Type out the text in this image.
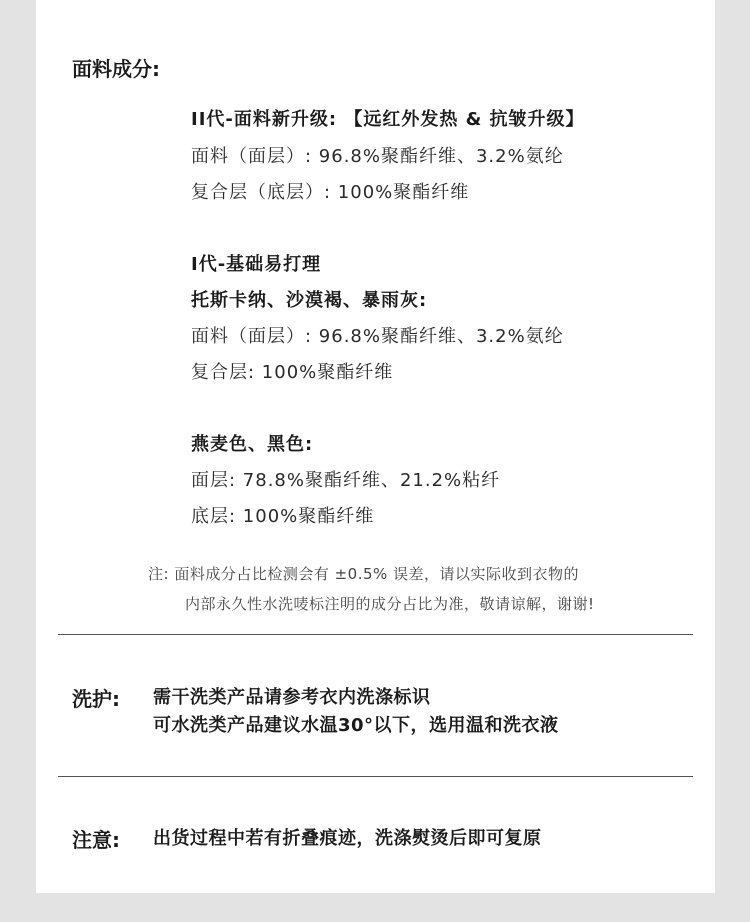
面料成分:
II代-面料新升级: 【远红外发热 & 抗皱升级】
面料（面层）: 96.8%聚酯纤维、3.2%氨纶
复合层（底层）: 100%聚酯纤维
I代-基础易打理
托斯卡纳、沙漠褐、暴雨灰:
面料（面层）: 96.8%聚酯纤维、3.2%氨纶
复合层: 100%聚酯纤维
燕麦色、黑色:
面层: 78.8%聚酯纤维、21.2%粘纤
底层: 100%聚酯纤维
注: 面料成分占比检测会有 ±0.5% 误差，请以实际收到衣物的
内部永久性水洗唛标注明的成分占比为准，敬请谅解，谢谢!
洗护: 需干洗类产品请参考衣内洗涤标识
可水洗类产品建议水温30°以下，选用温和洗衣液
注意: 出货过程中若有折叠痕迹，洗涤熨烫后即可复原
